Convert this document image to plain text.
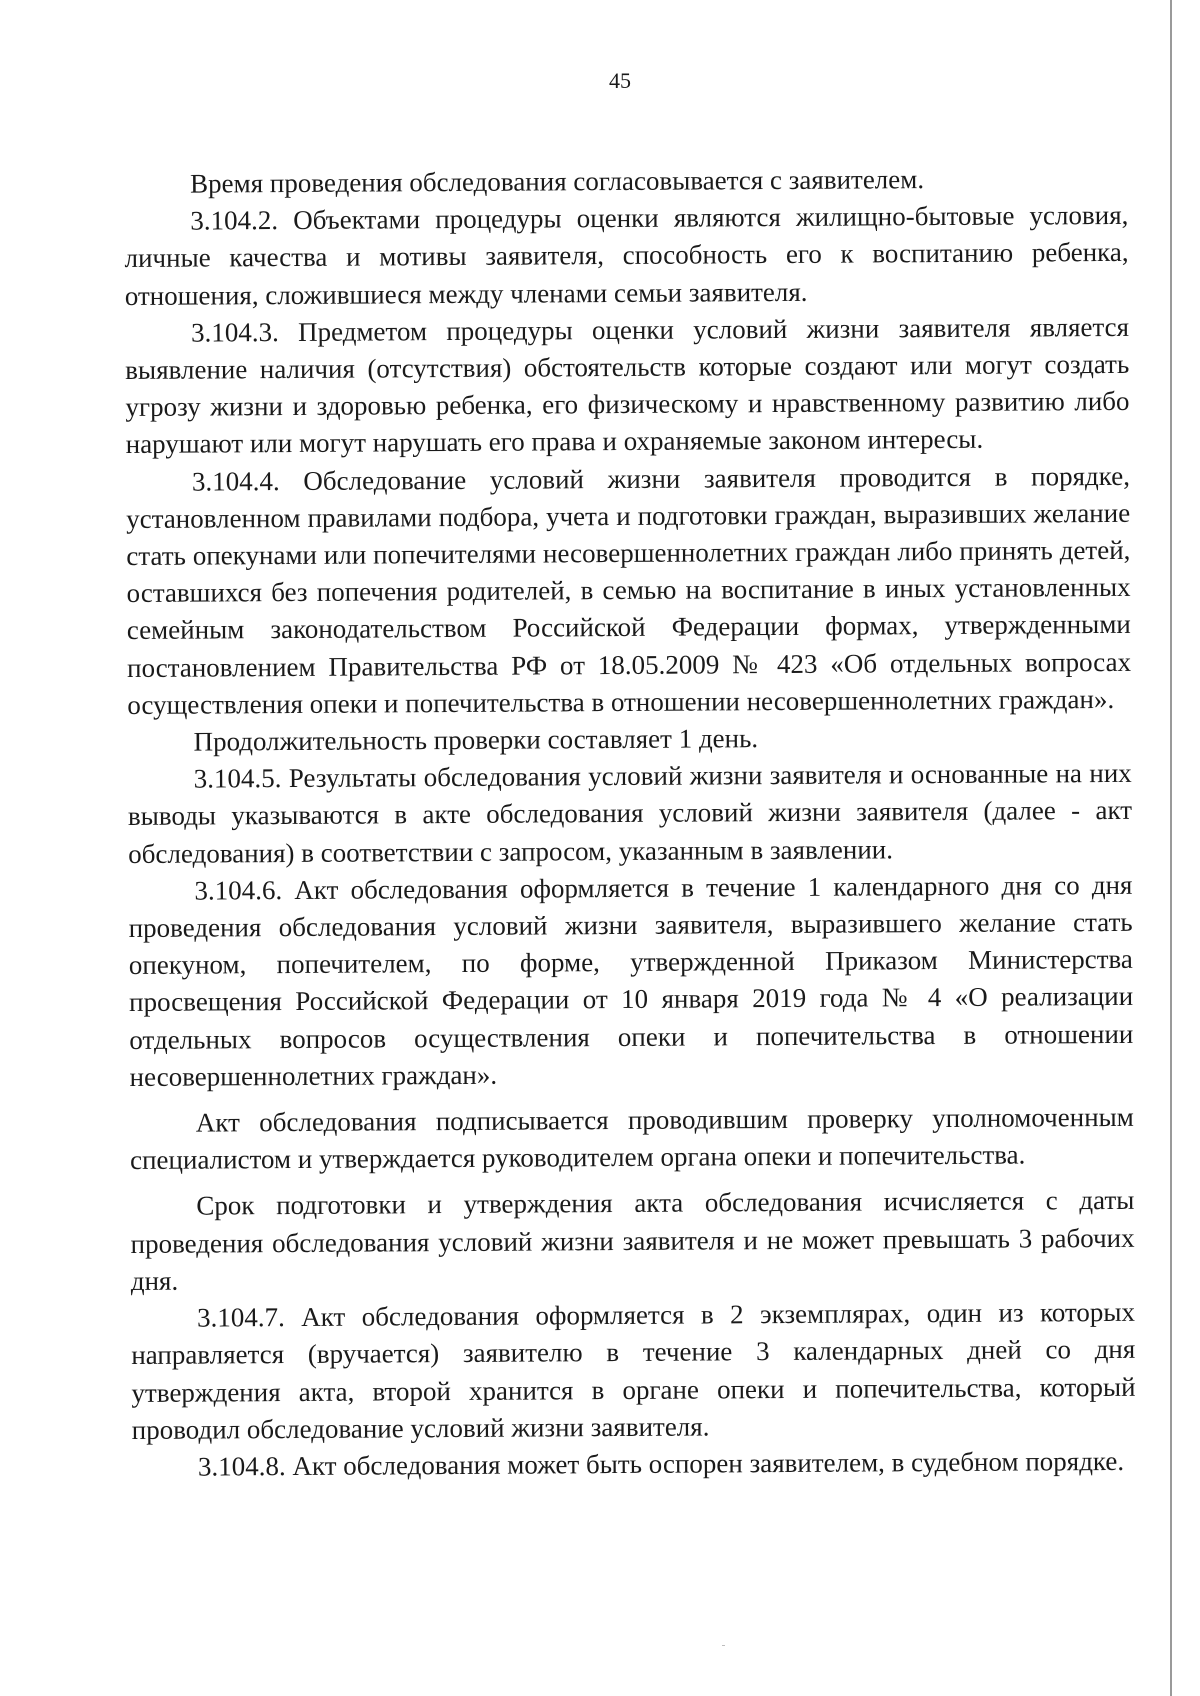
45

Время проведения обследования согласовывается с заявителем.

3.104.2. Объектами процедуры оценки являются жилищно-бытовые условия, личные качества и мотивы заявителя, способность его к воспитанию ребенка, отношения, сложившиеся между членами семьи заявителя.

3.104.3. Предметом процедуры оценки условий жизни заявителя является выявление наличия (отсутствия) обстоятельств которые создают или могут создать угрозу жизни и здоровью ребенка, его физическому и нравственному развитию либо нарушают или могут нарушать его права и охраняемые законом интересы.

3.104.4. Обследование условий жизни заявителя проводится в порядке, установленном правилами подбора, учета и подготовки граждан, выразивших желание стать опекунами или попечителями несовершеннолетних граждан либо принять детей, оставшихся без попечения родителей, в семью на воспитание в иных установленных семейным законодательством Российской Федерации формах, утвержденными постановлением Правительства РФ от 18.05.2009 № 423 «Об отдельных вопросах осуществления опеки и попечительства в отношении несовершеннолетних граждан».

Продолжительность проверки составляет 1 день.

3.104.5. Результаты обследования условий жизни заявителя и основанные на них выводы указываются в акте обследования условий жизни заявителя (далее - акт обследования) в соответствии с запросом, указанным в заявлении.

3.104.6. Акт обследования оформляется в течение 1 календарного дня со дня проведения обследования условий жизни заявителя, выразившего желание стать опекуном, попечителем, по форме, утвержденной Приказом Министерства просвещения Российской Федерации от 10 января 2019 года № 4 «О реализации отдельных вопросов осуществления опеки и попечительства в отношении несовершеннолетних граждан».

Акт обследования подписывается проводившим проверку уполномоченным специалистом и утверждается руководителем органа опеки и попечительства.

Срок подготовки и утверждения акта обследования исчисляется с даты проведения обследования условий жизни заявителя и не может превышать 3 рабочих дня.

3.104.7. Акт обследования оформляется в 2 экземплярах, один из которых направляется (вручается) заявителю в течение 3 календарных дней со дня утверждения акта, второй хранится в органе опеки и попечительства, который проводил обследование условий жизни заявителя.

3.104.8. Акт обследования может быть оспорен заявителем, в судебном порядке.
